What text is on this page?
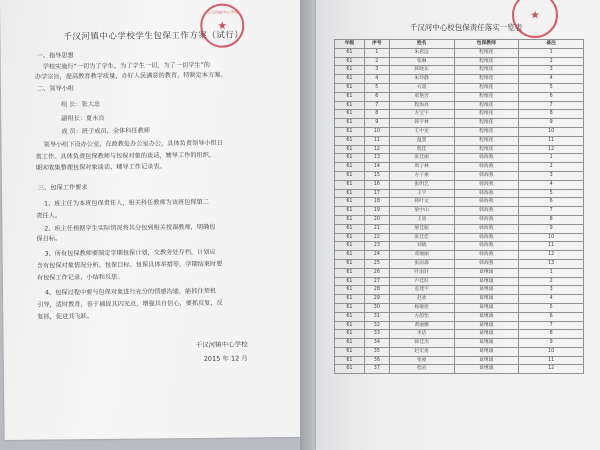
千汉河镇中心学校学生包保工作方案（试行）
一、指导思想
学校实施行“一切为了学生，为了学生一切，为了一切学生”的
办学宗旨，提高教育教学质量，办好人民满意的教育，特制定本方案。
二、领导小组
组 长：张大忠
副组长：夏永良
成 员：班子成员、全体科任教师
领导小组下设办公室，在政教处办公室办公，具体负责领导小组日
常工作。具体负责包保教师与包保对象的谈话，辅导工作的组织，
期末收集整理包保对象谈话、辅导工作记录表。
三、包保工作要求
1、班主任为本班包保责任人，相关科任教师为该班包保第二
责任人。
2、班主任根据学生实际情况将其分包到相关授课教师，明确包
保目标。
3、所有包保教师要制定学期包保计划，交教务处存档，计划应
含有包保对象情况分析、包保目标、包保具体举措等，学期结束时要
有包保工作记录、小结和反思。
4、包保过程中要与包保对象进行充分的情感沟通，能抓住契机
引导，适时教育，善于捕捉其闪光点，增强其自信心，要抓反复，反
复抓，促进其飞跃。
千汉河镇中心学校
★
千汉河镇中心学校
2015 年 12 月
千汉河中心校包保责任落实一览表
★
年级	序号	姓名	包保教师	备注
61	1	朱思远	程维莲	1
61	2	张琳	程维莲	2
61	3	韩晓东	程维莲	3
61	4	朱玲静	程维莲	4
61	5	方超	程维莲	5
61	6	邢艳芳	程维莲	6
61	7	程海亮	程维莲	7
61	8	方宝宇	程维莲	8
61	9	韩宇林	程维莲	9
61	10	王中龙	程维莲	10
61	11	温慧	程维莲	11
61	12	程佳	程维莲	12
61	13	张佳丽	韩海燕	1
61	14	周子林	韩海燕	2
61	15	方子豪	韩海燕	3
61	16	张明艺	韩海燕	4
61	17	王宇	韩海燕	5
61	18	韩叶文	韩海燕	6
61	19	梁中山	韩海燕	7
61	20	王勇	韩海燕	8
61	21	梁佳振	韩海燕	9
61	22	张佳佳	韩海燕	10
61	23	刘晓	韩海燕	11
61	24	邓丽丽	韩海燕	12
61	25	张雨森	韩海燕	13
61	26	叶雨轩	葛继雄	1
61	27	卢佳旺	葛继雄	2
61	28	袁建宇	葛继雄	3
61	29	赵欢	葛继雄	4
61	30	杨敏伦	葛继雄	5
61	31	方韵怡	葛继雄	6
61	32	黄丽娜	葛继雄	7
61	33	李洁	葛继雄	8
61	34	韩佳杰	葛继雄	9
61	35	赵宏勇	葛继雄	10
61	36	张豪	葛继雄	11
61	37	程岩	葛继雄	12
